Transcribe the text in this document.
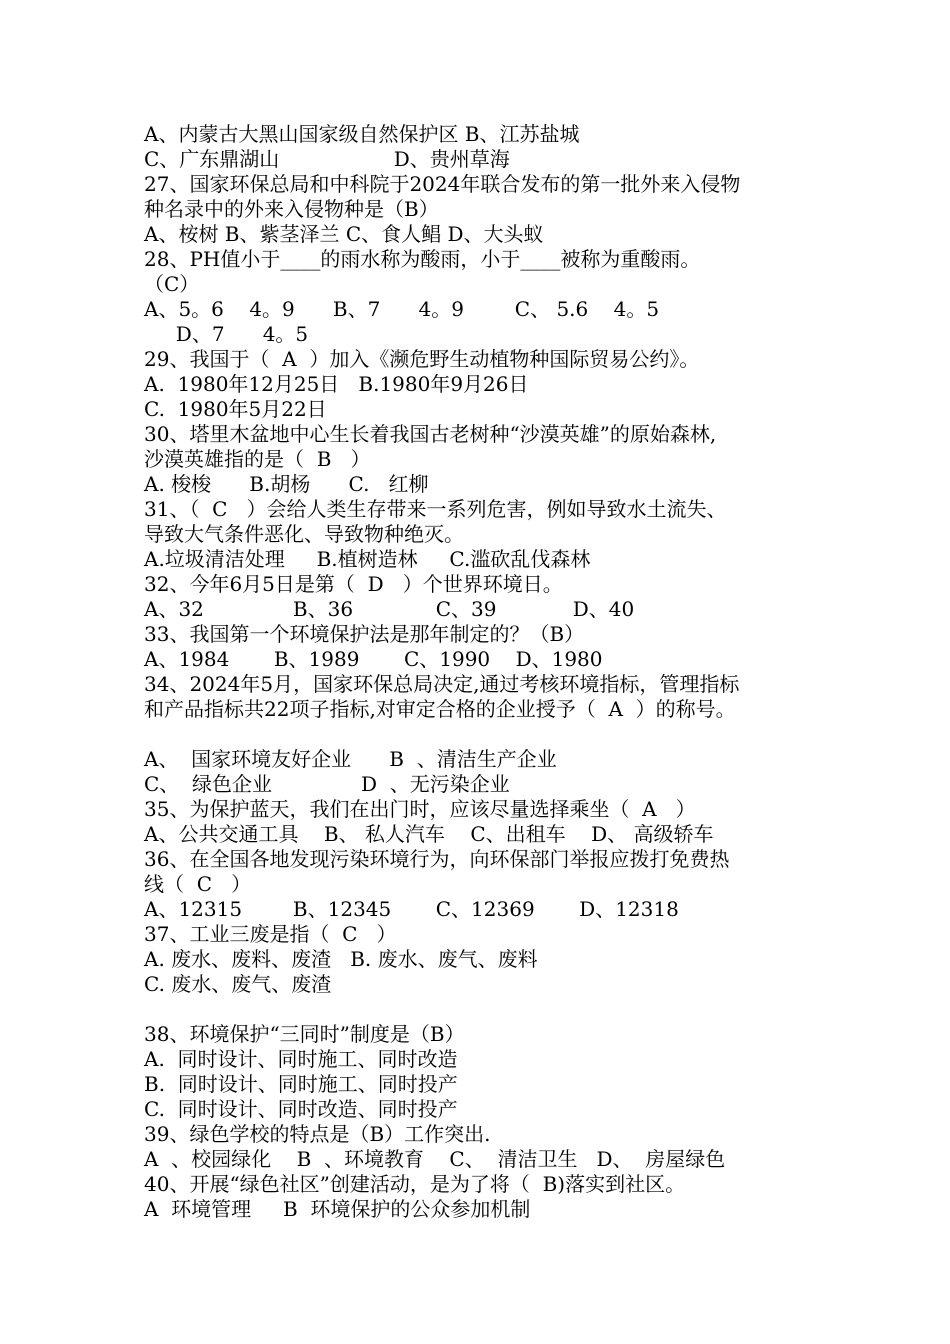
A、内蒙古大黑山国家级自然保护区 B、江苏盐城
C、广东鼎湖山                  D、贵州草海
27、国家环保总局和中科院于2024年联合发布的第一批外来入侵物
种名录中的外来入侵物种是（B）
A、桉树 B、紫茎泽兰 C、食人鲳 D、大头蚁
28、PH值小于____的雨水称为酸雨，小于____被称为重酸雨。
（C）
A、5。6    4。9      B、7      4。9        C、 5.6    4。5
D、7      4。5
29、我国于（  A  ）加入《濒危野生动植物种国际贸易公约》。
A.  1980年12月25日   B.1980年9月26日
C.  1980年5月22日
30、塔里木盆地中心生长着我国古老树种“沙漠英雄”的原始森林,
沙漠英雄指的是（  B   ）
A. 梭梭      B.胡杨      C.   红柳
31、（  C   ）会给人类生存带来一系列危害，例如导致水土流失、
导致大气条件恶化、导致物种绝灭。
A.垃圾清洁处理     B.植树造林     C.滥砍乱伐森林
32、今年6月5日是第（  D   ）个世界环境日。
A、32              B、36             C、39            D、40
33、我国第一个环境保护法是那年制定的？（B）
A、1984       B、1989       C、1990    D、1980
34、2024年5月，国家环保总局决定,通过考核环境指标，管理指标
和产品指标共22项子指标,对审定合格的企业授予（  A  ）的称号。
A、  国家环境友好企业      B  、清洁生产企业
C、  绿色企业              D  、无污染企业
35、为保护蓝天，我们在出门时，应该尽量选择乘坐（  A   ）
A、公共交通工具    B、 私人汽车    C、出租车    D、 高级轿车
36、在全国各地发现污染环境行为，向环保部门举报应拨打免费热
线（  C   ）
A、12315        B、12345       C、12369       D、12318
37、工业三废是指（  C   ）
A. 废水、废料、废渣   B. 废水、废气、废料
C. 废水、废气、废渣
38、环境保护“三同时”制度是（B）
A.  同时设计、同时施工、同时改造
B.  同时设计、同时施工、同时投产
C.  同时设计、同时改造、同时投产
39、绿色学校的特点是（B）工作突出.
A  、校园绿化    B  、环境教育    C、  清洁卫生   D、  房屋绿色
40、开展“绿色社区”创建活动，是为了将（  B)落实到社区。
A  环境管理     B  环境保护的公众参加机制
